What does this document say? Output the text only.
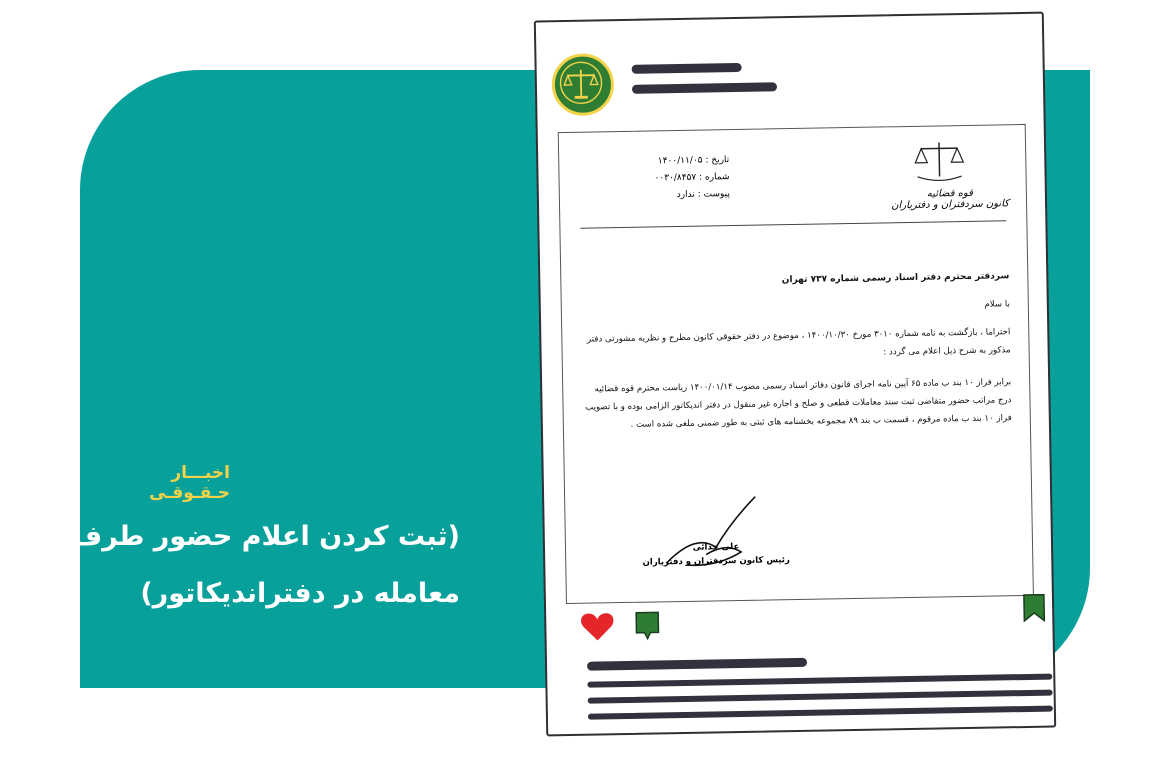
اخبـــار حـقـوقـی
(ثبت کردن اعلام حضور طرف معامله در دفتراندیکاتور)
تاریخ : ۱۴۰۰/۱۱/۰۵
شماره : ۰۰۳۰/۸۴۵۷
پیوست : ندارد	قوه قضائیه
کانون سردفتران و دفتریاران
سردفتر محترم دفتر اسناد رسمی شماره ۷۳۷ تهران
با سلام
احتراما ، بازگشت به نامه شماره ۳۰۱۰ مورخ ۱۴۰۰/۱۰/۳۰ ، موضوع در دفتر حقوقی کانون مطرح و نظریه مشورتی دفتر مذکور به شرح ذیل اعلام می گردد :
برابر فراز ۱۰ بند ب ماده ۶۵ آیین نامه اجرای قانون دفاتر اسناد رسمی مصوب ۱۴۰۰/۰۱/۱۴ ریاست محترم قوه قضائیه درج مراتب حضور متقاضی ثبت سند معاملات قطعی و صلح و اجاره غیر منقول در دفتر اندیکاتور الزامی بوده و با تصویب فراز ۱۰ بند ب ماده مرقوم ، قسمت ب بند ۸۹ مجموعه بخشنامه های ثبتی به طور ضمنی ملغی شده است .
علی خدائی
رئیس کانون سردفتران و دفتریاران
